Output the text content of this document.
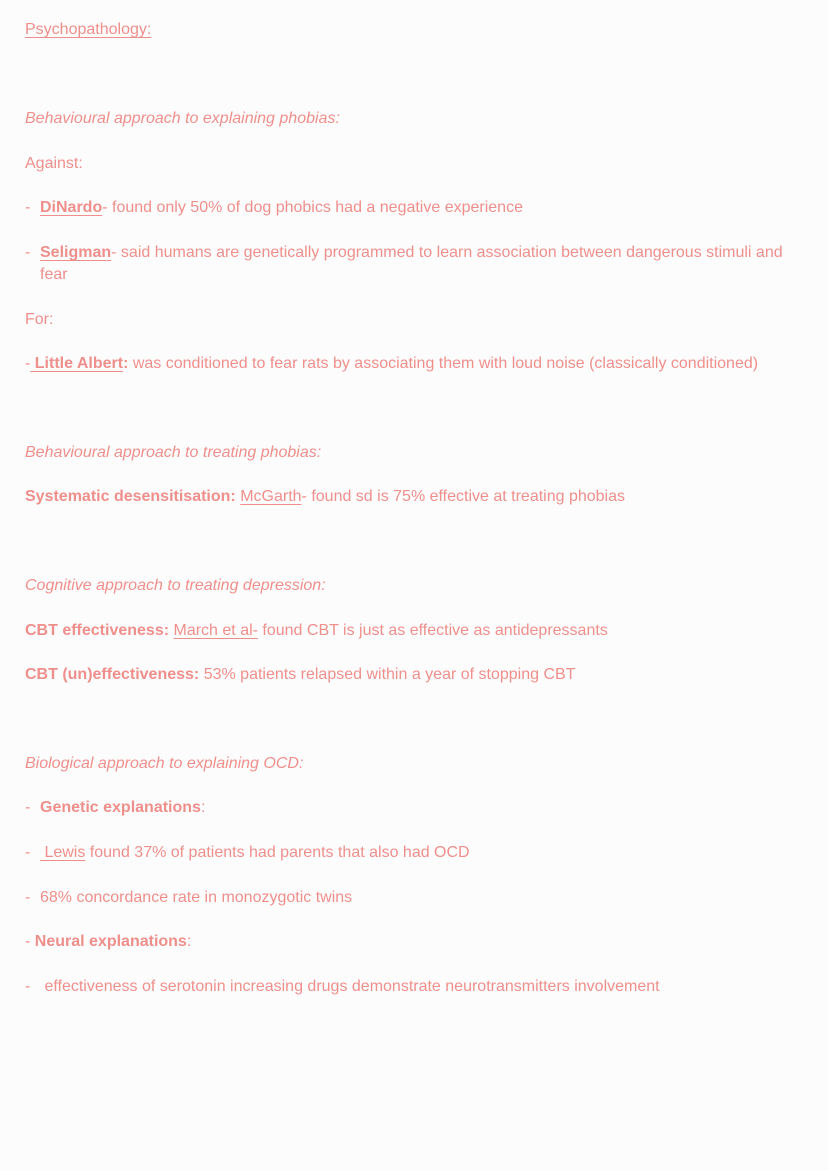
Psychopathology:
Behavioural approach to explaining phobias:
Against:
- DiNardo- found only 50% of dog phobics had a negative experience
- Seligman- said humans are genetically programmed to learn association between dangerous stimuli and fear
For:
- Little Albert: was conditioned to fear rats by associating them with loud noise (classically conditioned)
Behavioural approach to treating phobias:
Systematic desensitisation: McGarth- found sd is 75% effective at treating phobias
Cognitive approach to treating depression:
CBT effectiveness: March et al- found CBT is just as effective as antidepressants
CBT (un)effectiveness: 53% patients relapsed within a year of stopping CBT
Biological approach to explaining OCD:
- Genetic explanations:
- Lewis found 37% of patients had parents that also had OCD
- 68% concordance rate in monozygotic twins
- Neural explanations:
- effectiveness of serotonin increasing drugs demonstrate neurotransmitters involvement
